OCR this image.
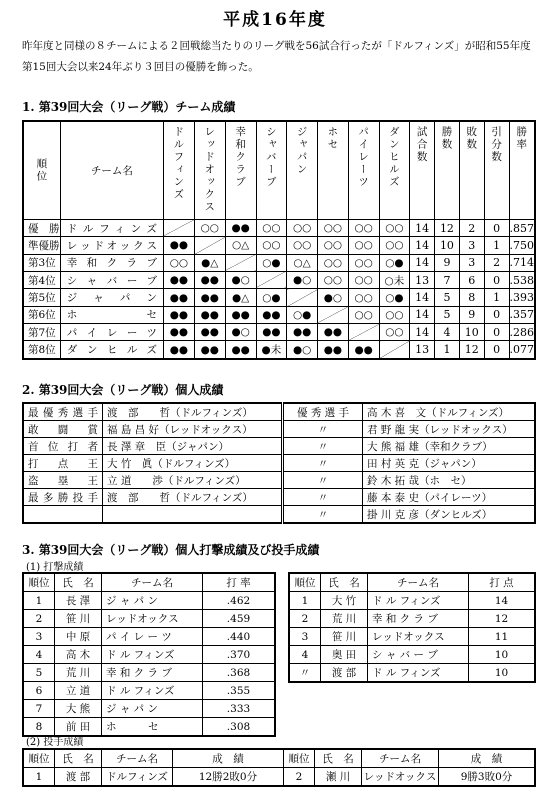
平成16年度
昨年度と同様の８チームによる２回戦総当たりのリーグ戦を56試合行ったが「ドルフィンズ」が昭和55年度第15回大会以来24年ぶり３回目の優勝を飾った。
1. 第39回大会（リーグ戦）チーム成績
順位	チーム名	ドルフィンズ	レッドオックス	幸和クラブ	シャバーブ	ジャパン	ホセ	パイレーツ	ダンヒルズ	試合数	勝数	敗数	引分数	勝率
優　勝	ドルフィンズ		○○	●●	○○	○○	○○	○○	○○	14	12	2	0	.857
準優勝	レッドオックス	●●		○△	○○	○○	○○	○○	○○	14	10	3	1	.750
第3位	幸和クラブ	○○	●△		○●	○△	○○	○○	○●	14	9	3	2	.714
第4位	シャバーブ	●●	●●	●○		●○	○○	○○	○未	13	7	6	0	.538
第5位	ジャパン	●●	●●	●△	○●		●○	○○	○●	14	5	8	1	.393
第6位	ホセ	●●	●●	●●	●●	○●		○○	○○	14	5	9	0	.357
第7位	パイレーツ	●●	●●	●○	●●	●●	●●		○○	14	4	10	0	.286
第8位	ダンヒルズ	●●	●●	●●	●未	●○	●●	●●		13	1	12	0	.077
2. 第39回大会（リーグ戦）個人成績
最優秀選手	渡　部　　哲（ドルフィンズ）	優 秀 選 手	高 木 喜　文（ドルフィンズ）
敢 闘 賞	福 島 昌 好（レッドオックス）	〃	君 野 龍 実（レッドオックス）
首位打者	長 澤 章　臣（ジャパン）	〃	大 熊 福 雄（幸和クラブ）
打 点 王	大 竹　眞（ドルフィンズ）	〃	田 村 英 克（ジャパン）
盗 塁 王	立 道　　渉（ドルフィンズ）	〃	鈴 木 拓 哉（ホ　セ）
最多勝投手	渡　部　　哲（ドルフィンズ）	〃	藤 本 泰 史（パイレーツ）
		〃	掛 川 克 彦（ダンヒルズ）
3. 第39回大会（リーグ戦）個人打撃成績及び投手成績
(1) 打撃成績
順位	氏　名	チーム名	打 率
1	長 澤	ジ ャ パ ン	.462
2	笹 川	レッドオックス	.459
3	中 原	パ イ レ ー ツ	.440
4	高 木	ド ル フィンズ	.370
5	荒 川	幸 和 ク ラ ブ	.368
6	立 道	ド ル フィンズ	.355
7	大 熊	ジ ャ パ ン	.333
8	前 田	ホ　　　セ	.308
順位	氏　名	チーム名	打 点
1	大 竹	ド ル フィンズ	14
2	荒 川	幸 和 ク ラ ブ	12
3	笹 川	レッドオックス	11
4	奥 田	シ ャ バ ー ブ	10
〃	渡 部	ド ル フィンズ	10
(2) 投手成績
順位	氏　名	チーム名	成　績	順位	氏　名	チーム名	成　績
1	渡 部	ドルフィンズ	12勝2敗0分	2	瀬 川	レッドオックス	9勝3敗0分
